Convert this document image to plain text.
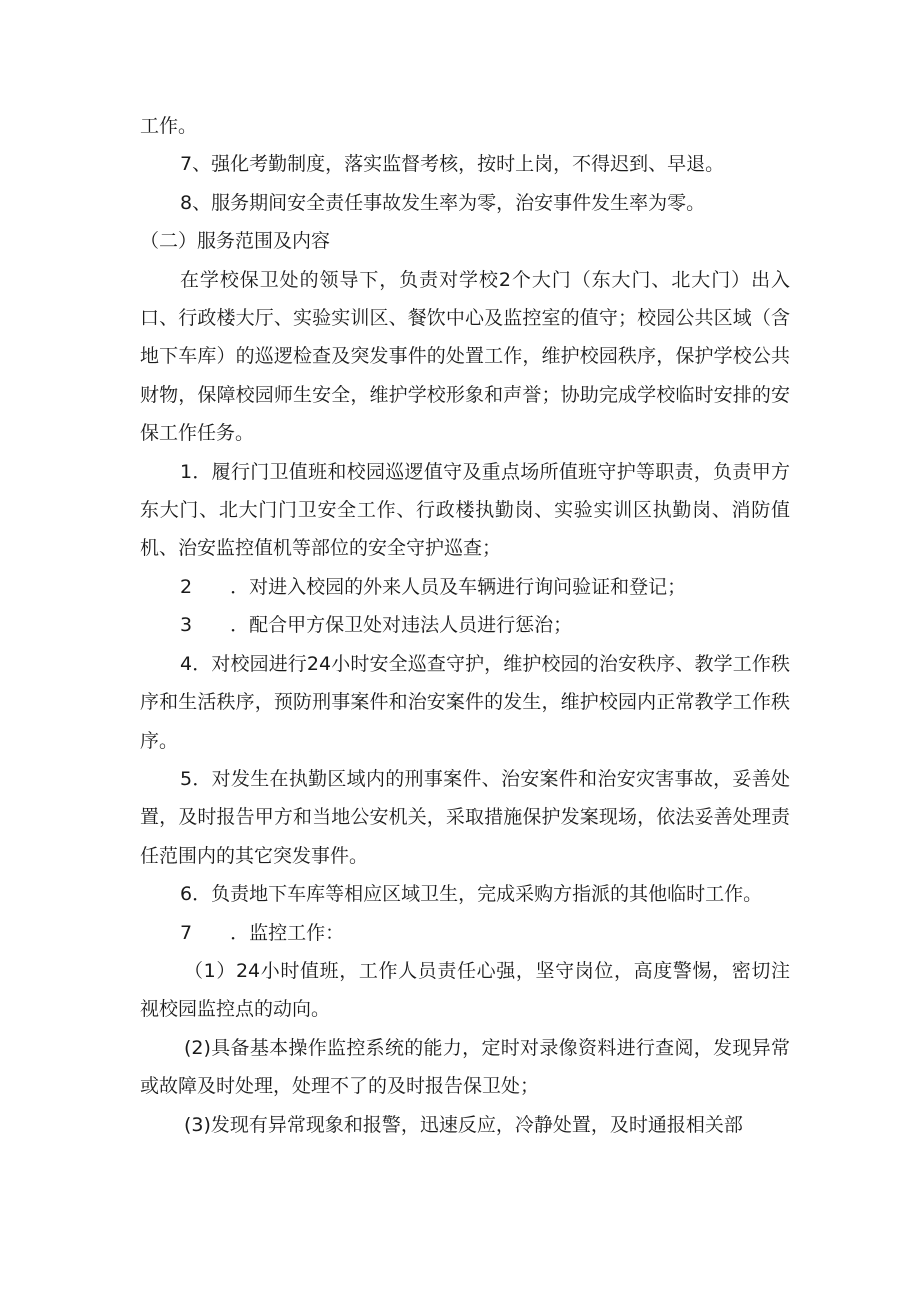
工作。

7、强化考勤制度，落实监督考核，按时上岗，不得迟到、早退。

8、服务期间安全责任事故发生率为零，治安事件发生率为零。

（二）服务范围及内容

在学校保卫处的领导下，负责对学校2个大门（东大门、北大门）出入口、行政楼大厅、实验实训区、餐饮中心及监控室的值守；校园公共区域（含地下车库）的巡逻检查及突发事件的处置工作，维护校园秩序，保护学校公共财物，保障校园师生安全，维护学校形象和声誉；协助完成学校临时安排的安保工作任务。

1．履行门卫值班和校园巡逻值守及重点场所值班守护等职责，负责甲方东大门、北大门门卫安全工作、行政楼执勤岗、实验实训区执勤岗、消防值机、治安监控值机等部位的安全守护巡查；

2　　．对进入校园的外来人员及车辆进行询问验证和登记；

3　　．配合甲方保卫处对违法人员进行惩治；

4．对校园进行24小时安全巡查守护，维护校园的治安秩序、教学工作秩序和生活秩序，预防刑事案件和治安案件的发生，维护校园内正常教学工作秩序。

5．对发生在执勤区域内的刑事案件、治安案件和治安灾害事故，妥善处置，及时报告甲方和当地公安机关，采取措施保护发案现场，依法妥善处理责任范围内的其它突发事件。

6．负责地下车库等相应区域卫生，完成采购方指派的其他临时工作。

7　　．监控工作：

（1）24小时值班，工作人员责任心强，坚守岗位，高度警惕，密切注视校园监控点的动向。

(2)具备基本操作监控系统的能力，定时对录像资料进行查阅，发现异常或故障及时处理，处理不了的及时报告保卫处；

(3)发现有异常现象和报警，迅速反应，冷静处置，及时通报相关部
